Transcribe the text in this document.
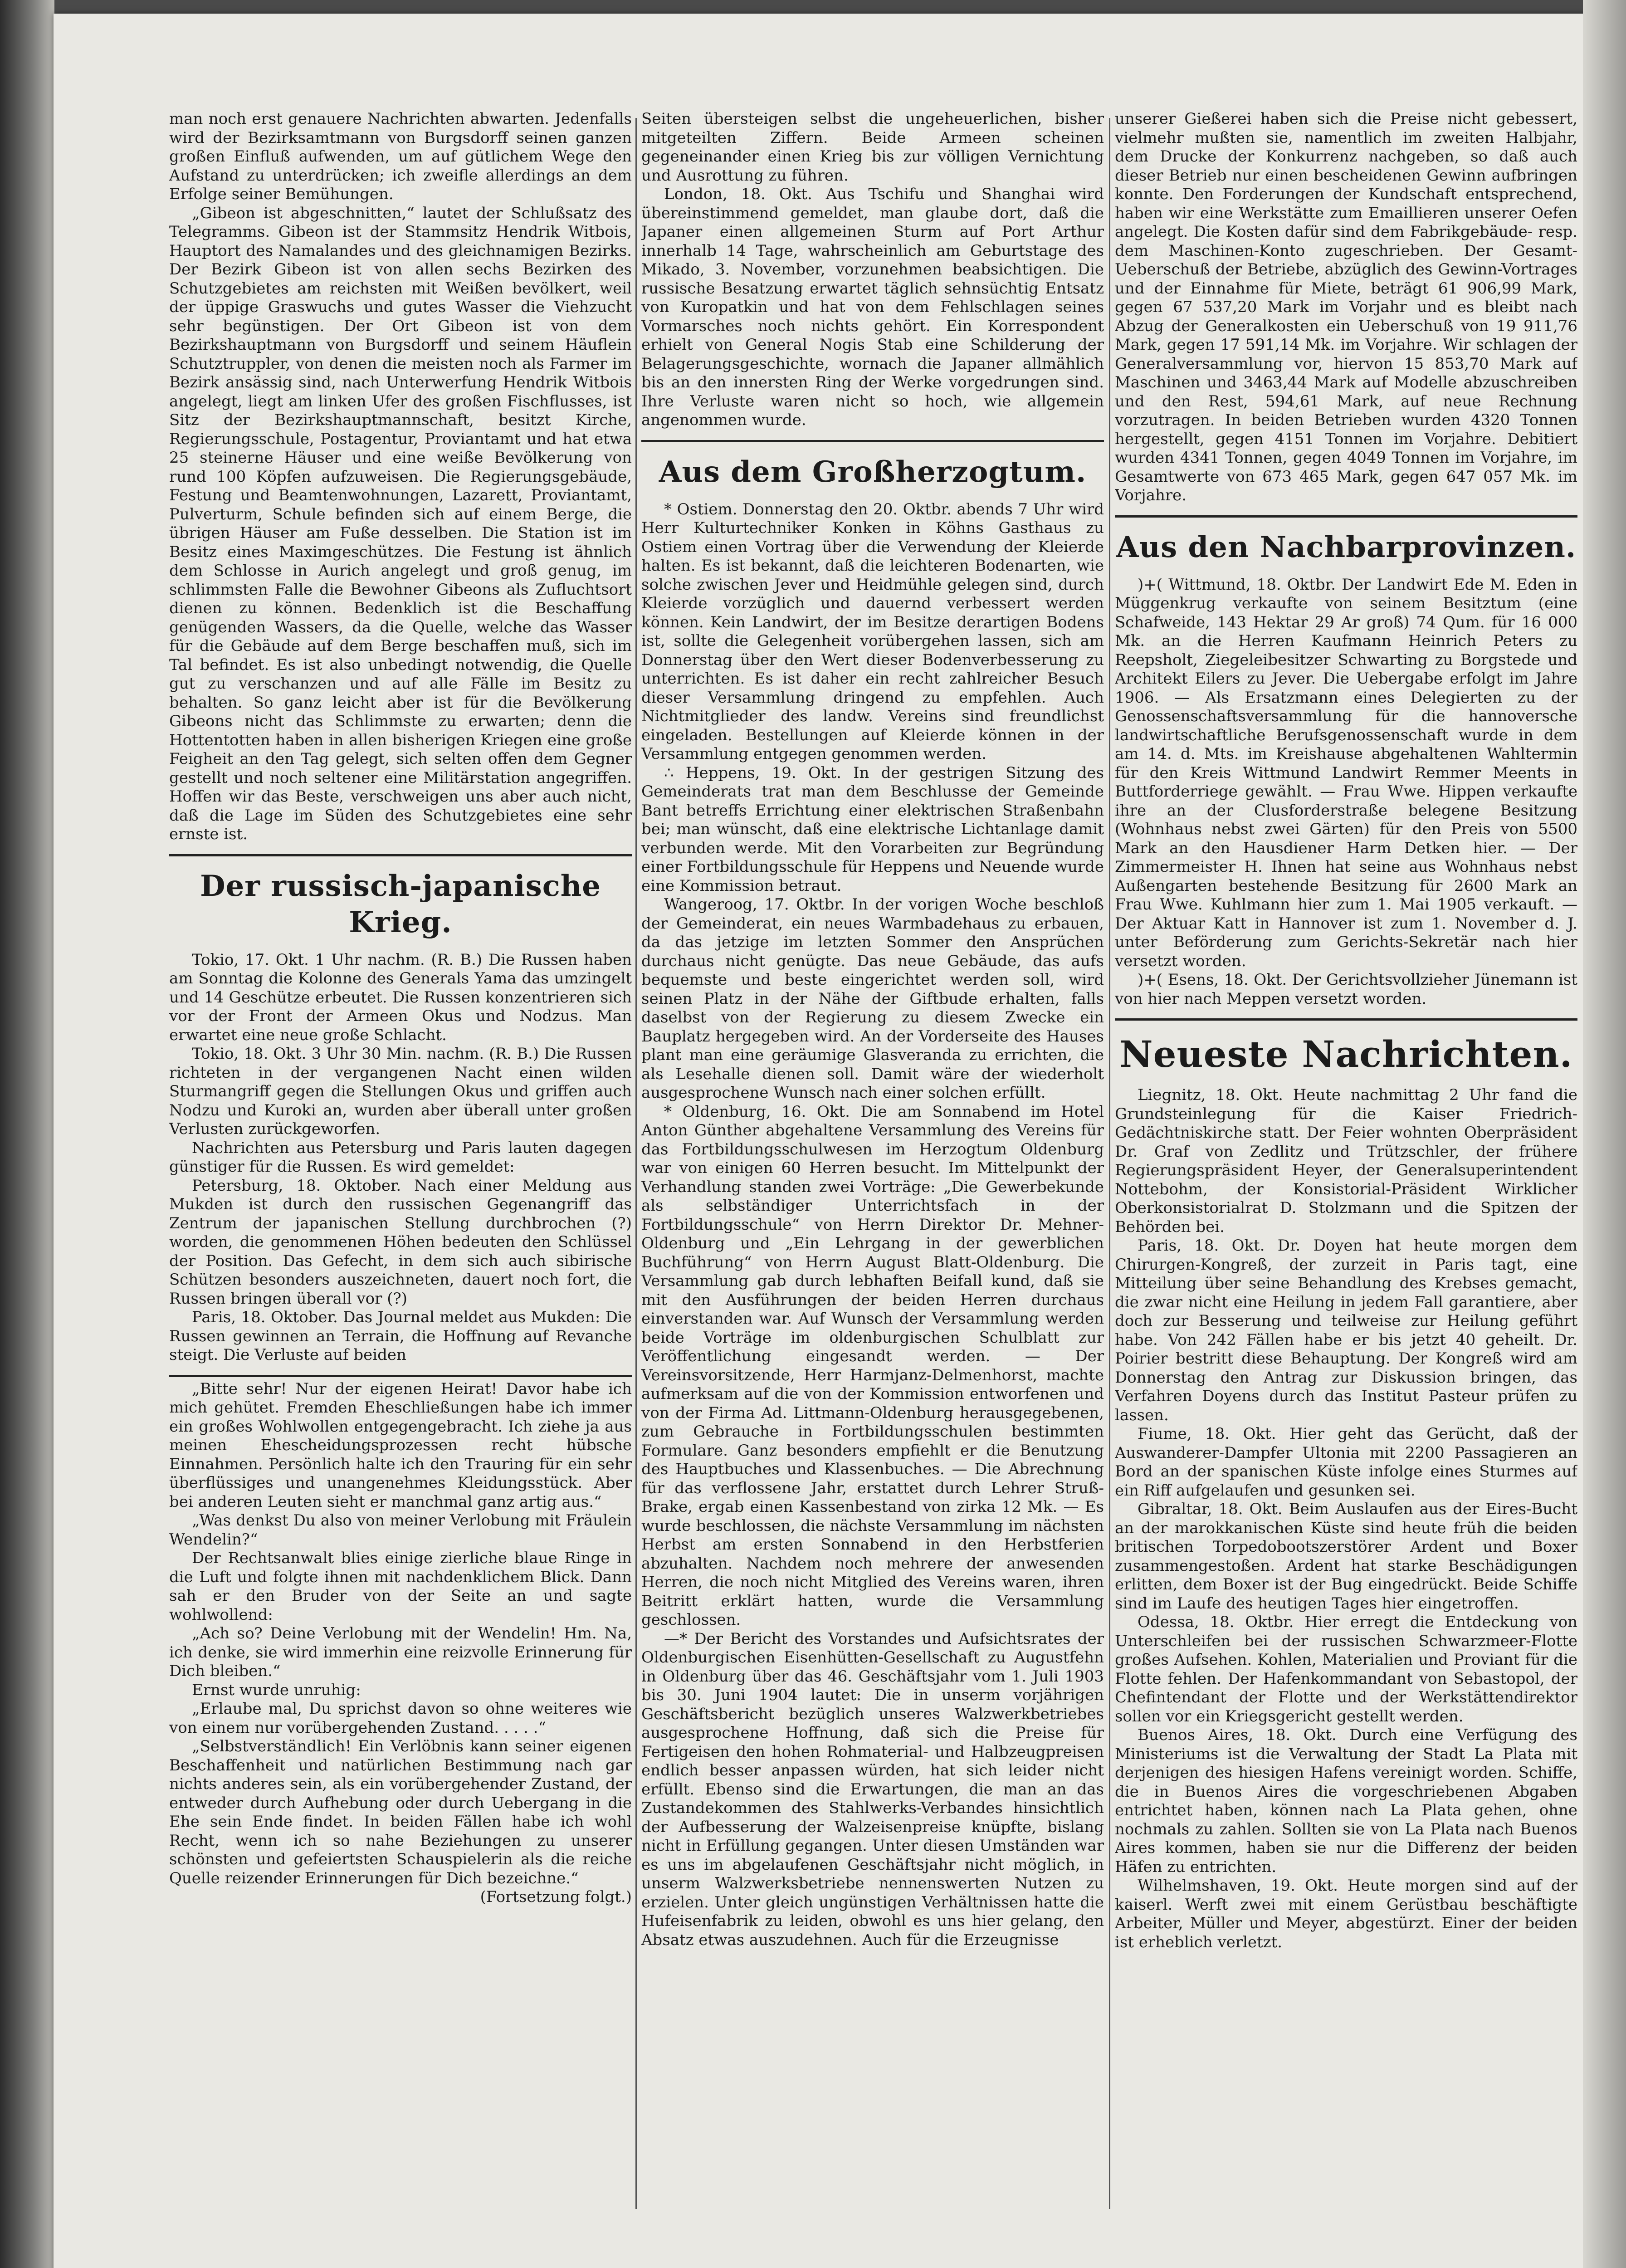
man noch erst genauere Nachrichten abwarten. Jedenfalls wird der Bezirksamtmann von Burgsdorff seinen ganzen großen Einfluß aufwenden, um auf gütlichem Wege den Aufstand zu unterdrücken; ich zweifle allerdings an dem Erfolge seiner Bemühungen.

„Gibeon ist abgeschnitten,“ lautet der Schlußsatz des Telegramms. Gibeon ist der Stammsitz Hendrik Witbois, Hauptort des Namalandes und des gleichnamigen Bezirks. Der Bezirk Gibeon ist von allen sechs Bezirken des Schutzgebietes am reichsten mit Weißen bevölkert, weil der üppige Graswuchs und gutes Wasser die Viehzucht sehr begünstigen. Der Ort Gibeon ist von dem Bezirkshauptmann von Burgsdorff und seinem Häuflein Schutztruppler, von denen die meisten noch als Farmer im Bezirk ansässig sind, nach Unterwerfung Hendrik Witbois angelegt, liegt am linken Ufer des großen Fischflusses, ist Sitz der Bezirkshauptmannschaft, besitzt Kirche, Regierungsschule, Postagentur, Proviantamt und hat etwa 25 steinerne Häuser und eine weiße Bevölkerung von rund 100 Köpfen aufzuweisen. Die Regierungsgebäude, Festung und Beamtenwohnungen, Lazarett, Proviantamt, Pulverturm, Schule befinden sich auf einem Berge, die übrigen Häuser am Fuße desselben. Die Station ist im Besitz eines Maximgeschützes. Die Festung ist ähnlich dem Schlosse in Aurich angelegt und groß genug, im schlimmsten Falle die Bewohner Gibeons als Zufluchtsort dienen zu können. Bedenklich ist die Beschaffung genügenden Wassers, da die Quelle, welche das Wasser für die Gebäude auf dem Berge beschaffen muß, sich im Tal befindet. Es ist also unbedingt notwendig, die Quelle gut zu verschanzen und auf alle Fälle im Besitz zu behalten. So ganz leicht aber ist für die Bevölkerung Gibeons nicht das Schlimmste zu erwarten; denn die Hottentotten haben in allen bisherigen Kriegen eine große Feigheit an den Tag gelegt, sich selten offen dem Gegner gestellt und noch seltener eine Militärstation angegriffen. Hoffen wir das Beste, verschweigen uns aber auch nicht, daß die Lage im Süden des Schutzgebietes eine sehr ernste ist.

Der russisch-japanische Krieg.

Tokio, 17. Okt. 1 Uhr nachm. (R. B.) Die Russen haben am Sonntag die Kolonne des Generals Yama das umzingelt und 14 Geschütze erbeutet. Die Russen konzentrieren sich vor der Front der Armeen Okus und Nodzus. Man erwartet eine neue große Schlacht.

Tokio, 18. Okt. 3 Uhr 30 Min. nachm. (R. B.) Die Russen richteten in der vergangenen Nacht einen wilden Sturmangriff gegen die Stellungen Okus und griffen auch Nodzu und Kuroki an, wurden aber überall unter großen Verlusten zurückgeworfen.

Nachrichten aus Petersburg und Paris lauten dagegen günstiger für die Russen. Es wird gemeldet:

Petersburg, 18. Oktober. Nach einer Meldung aus Mukden ist durch den russischen Gegenangriff das Zentrum der japanischen Stellung durchbrochen (?) worden, die genommenen Höhen bedeuten den Schlüssel der Position. Das Gefecht, in dem sich auch sibirische Schützen besonders auszeichneten, dauert noch fort, die Russen bringen überall vor (?)

Paris, 18. Oktober. Das Journal meldet aus Mukden: Die Russen gewinnen an Terrain, die Hoffnung auf Revanche steigt. Die Verluste auf beiden

„Bitte sehr! Nur der eigenen Heirat! Davor habe ich mich gehütet. Fremden Eheschließungen habe ich immer ein großes Wohlwollen entgegengebracht. Ich ziehe ja aus meinen Ehescheidungsprozessen recht hübsche Einnahmen. Persönlich halte ich den Trauring für ein sehr überflüssiges und unangenehmes Kleidungsstück. Aber bei anderen Leuten sieht er manchmal ganz artig aus.“

„Was denkst Du also von meiner Verlobung mit Fräulein Wendelin?“

Der Rechtsanwalt blies einige zierliche blaue Ringe in die Luft und folgte ihnen mit nachdenklichem Blick. Dann sah er den Bruder von der Seite an und sagte wohlwollend:

„Ach so? Deine Verlobung mit der Wendelin! Hm. Na, ich denke, sie wird immerhin eine reizvolle Erinnerung für Dich bleiben.“

Ernst wurde unruhig:

„Erlaube mal, Du sprichst davon so ohne weiteres wie von einem nur vorübergehenden Zustand. . . . .“

„Selbstverständlich! Ein Verlöbnis kann seiner eigenen Beschaffenheit und natürlichen Bestimmung nach gar nichts anderes sein, als ein vorübergehender Zustand, der entweder durch Aufhebung oder durch Uebergang in die Ehe sein Ende findet. In beiden Fällen habe ich wohl Recht, wenn ich so nahe Beziehungen zu unserer schönsten und gefeiertsten Schauspielerin als die reiche Quelle reizender Erinnerungen für Dich bezeichne.“

(Fortsetzung folgt.)

Seiten übersteigen selbst die ungeheuerlichen, bisher mitgeteilten Ziffern. Beide Armeen scheinen gegeneinander einen Krieg bis zur völligen Vernichtung und Ausrottung zu führen.

London, 18. Okt. Aus Tschifu und Shanghai wird übereinstimmend gemeldet, man glaube dort, daß die Japaner einen allgemeinen Sturm auf Port Arthur innerhalb 14 Tage, wahrscheinlich am Geburtstage des Mikado, 3. November, vorzunehmen beabsichtigen. Die russische Besatzung erwartet täglich sehnsüchtig Entsatz von Kuropatkin und hat von dem Fehlschlagen seines Vormarsches noch nichts gehört. Ein Korrespondent erhielt von General Nogis Stab eine Schilderung der Belagerungsgeschichte, wornach die Japaner allmählich bis an den innersten Ring der Werke vorgedrungen sind. Ihre Verluste waren nicht so hoch, wie allgemein angenommen wurde.

Aus dem Großherzogtum.

* Ostiem. Donnerstag den 20. Oktbr. abends 7 Uhr wird Herr Kulturtechniker Konken in Köhns Gasthaus zu Ostiem einen Vortrag über die Verwendung der Kleierde halten. Es ist bekannt, daß die leichteren Bodenarten, wie solche zwischen Jever und Heidmühle gelegen sind, durch Kleierde vorzüglich und dauernd verbessert werden können. Kein Landwirt, der im Besitze derartigen Bodens ist, sollte die Gelegenheit vorübergehen lassen, sich am Donnerstag über den Wert dieser Bodenverbesserung zu unterrichten. Es ist daher ein recht zahlreicher Besuch dieser Versammlung dringend zu empfehlen. Auch Nichtmitglieder des landw. Vereins sind freundlichst eingeladen. Bestellungen auf Kleierde können in der Versammlung entgegen genommen werden.

∴ Heppens, 19. Okt. In der gestrigen Sitzung des Gemeinderats trat man dem Beschlusse der Gemeinde Bant betreffs Errichtung einer elektrischen Straßenbahn bei; man wünscht, daß eine elektrische Lichtanlage damit verbunden werde. Mit den Vorarbeiten zur Begründung einer Fortbildungsschule für Heppens und Neuende wurde eine Kommission betraut.

Wangeroog, 17. Oktbr. In der vorigen Woche beschloß der Gemeinderat, ein neues Warmbadehaus zu erbauen, da das jetzige im letzten Sommer den Ansprüchen durchaus nicht genügte. Das neue Gebäude, das aufs bequemste und beste eingerichtet werden soll, wird seinen Platz in der Nähe der Giftbude erhalten, falls daselbst von der Regierung zu diesem Zwecke ein Bauplatz hergegeben wird. An der Vorderseite des Hauses plant man eine geräumige Glasveranda zu errichten, die als Lesehalle dienen soll. Damit wäre der wiederholt ausgesprochene Wunsch nach einer solchen erfüllt.

* Oldenburg, 16. Okt. Die am Sonnabend im Hotel Anton Günther abgehaltene Versammlung des Vereins für das Fortbildungsschulwesen im Herzogtum Oldenburg war von einigen 60 Herren besucht. Im Mittelpunkt der Verhandlung standen zwei Vorträge: „Die Gewerbekunde als selbständiger Unterrichtsfach in der Fortbildungsschule“ von Herrn Direktor Dr. Mehner-Oldenburg und „Ein Lehrgang in der gewerblichen Buchführung“ von Herrn August Blatt-Oldenburg. Die Versammlung gab durch lebhaften Beifall kund, daß sie mit den Ausführungen der beiden Herren durchaus einverstanden war. Auf Wunsch der Versammlung werden beide Vorträge im oldenburgischen Schulblatt zur Veröffentlichung eingesandt werden. — Der Vereinsvorsitzende, Herr Harmjanz-Delmenhorst, machte aufmerksam auf die von der Kommission entworfenen und von der Firma Ad. Littmann-Oldenburg herausgegebenen, zum Gebrauche in Fortbildungsschulen bestimmten Formulare. Ganz besonders empfiehlt er die Benutzung des Hauptbuches und Klassenbuches. — Die Abrechnung für das verflossene Jahr, erstattet durch Lehrer Struß-Brake, ergab einen Kassenbestand von zirka 12 Mk. — Es wurde beschlossen, die nächste Versammlung im nächsten Herbst am ersten Sonnabend in den Herbstferien abzuhalten. Nachdem noch mehrere der anwesenden Herren, die noch nicht Mitglied des Vereins waren, ihren Beitritt erklärt hatten, wurde die Versammlung geschlossen.

—* Der Bericht des Vorstandes und Aufsichtsrates der Oldenburgischen Eisenhütten-Gesellschaft zu Augustfehn in Oldenburg über das 46. Geschäftsjahr vom 1. Juli 1903 bis 30. Juni 1904 lautet: Die in unserm vorjährigen Geschäftsbericht bezüglich unseres Walzwerkbetriebes ausgesprochene Hoffnung, daß sich die Preise für Fertigeisen den hohen Rohmaterial- und Halbzeugpreisen endlich besser anpassen würden, hat sich leider nicht erfüllt. Ebenso sind die Erwartungen, die man an das Zustandekommen des Stahlwerks-Verbandes hinsichtlich der Aufbesserung der Walzeisenpreise knüpfte, bislang nicht in Erfüllung gegangen. Unter diesen Umständen war es uns im abgelaufenen Geschäftsjahr nicht möglich, in unserm Walzwerksbetriebe nennenswerten Nutzen zu erzielen. Unter gleich ungünstigen Verhältnissen hatte die Hufeisenfabrik zu leiden, obwohl es uns hier gelang, den Absatz etwas auszudehnen. Auch für die Erzeugnisse

unserer Gießerei haben sich die Preise nicht gebessert, vielmehr mußten sie, namentlich im zweiten Halbjahr, dem Drucke der Konkurrenz nachgeben, so daß auch dieser Betrieb nur einen bescheidenen Gewinn aufbringen konnte. Den Forderungen der Kundschaft entsprechend, haben wir eine Werkstätte zum Emaillieren unserer Oefen angelegt. Die Kosten dafür sind dem Fabrikgebäude- resp. dem Maschinen-Konto zugeschrieben. Der Gesamt-Ueberschuß der Betriebe, abzüglich des Gewinn-Vortrages und der Einnahme für Miete, beträgt 61 906,99 Mark, gegen 67 537,20 Mark im Vorjahr und es bleibt nach Abzug der Generalkosten ein Ueberschuß von 19 911,76 Mark, gegen 17 591,14 Mk. im Vorjahre. Wir schlagen der Generalversammlung vor, hiervon 15 853,70 Mark auf Maschinen und 3463,44 Mark auf Modelle abzuschreiben und den Rest, 594,61 Mark, auf neue Rechnung vorzutragen. In beiden Betrieben wurden 4320 Tonnen hergestellt, gegen 4151 Tonnen im Vorjahre. Debitiert wurden 4341 Tonnen, gegen 4049 Tonnen im Vorjahre, im Gesamtwerte von 673 465 Mark, gegen 647 057 Mk. im Vorjahre.

Aus den Nachbarprovinzen.

)+( Wittmund, 18. Oktbr. Der Landwirt Ede M. Eden in Müggenkrug verkaufte von seinem Besitztum (eine Schafweide, 143 Hektar 29 Ar groß) 74 Qum. für 16 000 Mk. an die Herren Kaufmann Heinrich Peters zu Reepsholt, Ziegeleibesitzer Schwarting zu Borgstede und Architekt Eilers zu Jever. Die Uebergabe erfolgt im Jahre 1906. — Als Ersatzmann eines Delegierten zu der Genossenschaftsversammlung für die hannoversche landwirtschaftliche Berufsgenossenschaft wurde in dem am 14. d. Mts. im Kreishause abgehaltenen Wahltermin für den Kreis Wittmund Landwirt Remmer Meents in Buttforderriege gewählt. — Frau Wwe. Hippen verkaufte ihre an der Clusforderstraße belegene Besitzung (Wohnhaus nebst zwei Gärten) für den Preis von 5500 Mark an den Hausdiener Harm Detken hier. — Der Zimmermeister H. Ihnen hat seine aus Wohnhaus nebst Außengarten bestehende Besitzung für 2600 Mark an Frau Wwe. Kuhlmann hier zum 1. Mai 1905 verkauft. — Der Aktuar Katt in Hannover ist zum 1. November d. J. unter Beförderung zum Gerichts-Sekretär nach hier versetzt worden.

)+( Esens, 18. Okt. Der Gerichtsvollzieher Jünemann ist von hier nach Meppen versetzt worden.

Neueste Nachrichten.

Liegnitz, 18. Okt. Heute nachmittag 2 Uhr fand die Grundsteinlegung für die Kaiser Friedrich-Gedächtniskirche statt. Der Feier wohnten Oberpräsident Dr. Graf von Zedlitz und Trützschler, der frühere Regierungspräsident Heyer, der Generalsuperintendent Nottebohm, der Konsistorial-Präsident Wirklicher Oberkonsistorialrat D. Stolzmann und die Spitzen der Behörden bei.

Paris, 18. Okt. Dr. Doyen hat heute morgen dem Chirurgen-Kongreß, der zurzeit in Paris tagt, eine Mitteilung über seine Behandlung des Krebses gemacht, die zwar nicht eine Heilung in jedem Fall garantiere, aber doch zur Besserung und teilweise zur Heilung geführt habe. Von 242 Fällen habe er bis jetzt 40 geheilt. Dr. Poirier bestritt diese Behauptung. Der Kongreß wird am Donnerstag den Antrag zur Diskussion bringen, das Verfahren Doyens durch das Institut Pasteur prüfen zu lassen.

Fiume, 18. Okt. Hier geht das Gerücht, daß der Auswanderer-Dampfer Ultonia mit 2200 Passagieren an Bord an der spanischen Küste infolge eines Sturmes auf ein Riff aufgelaufen und gesunken sei.

Gibraltar, 18. Okt. Beim Auslaufen aus der Eires-Bucht an der marokkanischen Küste sind heute früh die beiden britischen Torpedobootszerstörer Ardent und Boxer zusammengestoßen. Ardent hat starke Beschädigungen erlitten, dem Boxer ist der Bug eingedrückt. Beide Schiffe sind im Laufe des heutigen Tages hier eingetroffen.

Odessa, 18. Oktbr. Hier erregt die Entdeckung von Unterschleifen bei der russischen Schwarzmeer-Flotte großes Aufsehen. Kohlen, Materialien und Proviant für die Flotte fehlen. Der Hafenkommandant von Sebastopol, der Chefintendant der Flotte und der Werkstättendirektor sollen vor ein Kriegsgericht gestellt werden.

Buenos Aires, 18. Okt. Durch eine Verfügung des Ministeriums ist die Verwaltung der Stadt La Plata mit derjenigen des hiesigen Hafens vereinigt worden. Schiffe, die in Buenos Aires die vorgeschriebenen Abgaben entrichtet haben, können nach La Plata gehen, ohne nochmals zu zahlen. Sollten sie von La Plata nach Buenos Aires kommen, haben sie nur die Differenz der beiden Häfen zu entrichten.

Wilhelmshaven, 19. Okt. Heute morgen sind auf der kaiserl. Werft zwei mit einem Gerüstbau beschäftigte Arbeiter, Müller und Meyer, abgestürzt. Einer der beiden ist erheblich verletzt.
